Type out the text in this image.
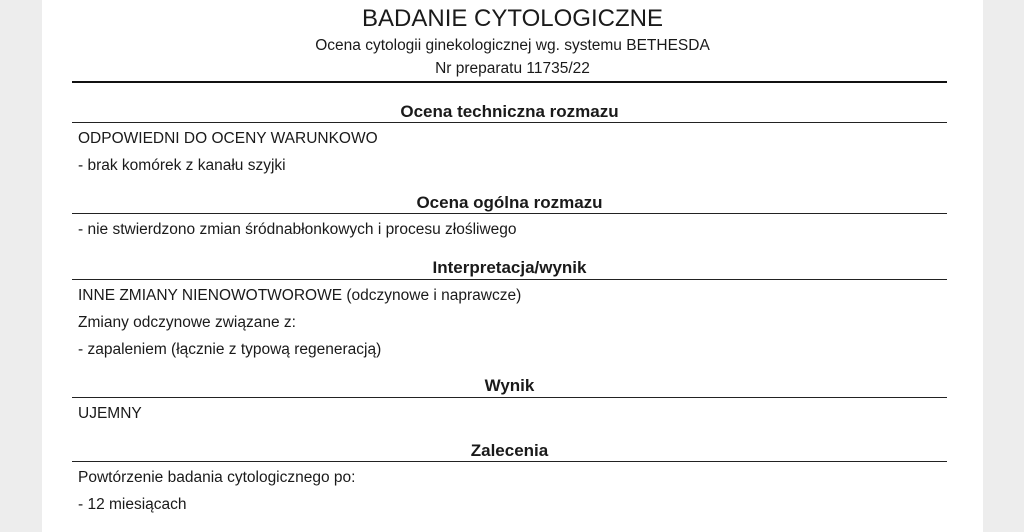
BADANIE CYTOLOGICZNE
Ocena cytologii ginekologicznej wg. systemu BETHESDA
Nr preparatu 11735/22
Ocena techniczna rozmazu
ODPOWIEDNI DO OCENY WARUNKOWO
- brak komórek z kanału szyjki
Ocena ogólna rozmazu
- nie stwierdzono zmian śródnabłonkowych i procesu złośliwego
Interpretacja/wynik
INNE ZMIANY NIENOWOTWOROWE (odczynowe i naprawcze)
Zmiany odczynowe związane z:
- zapaleniem (łącznie z typową regeneracją)
Wynik
UJEMNY
Zalecenia
Powtórzenie badania cytologicznego po:
- 12 miesiącach
